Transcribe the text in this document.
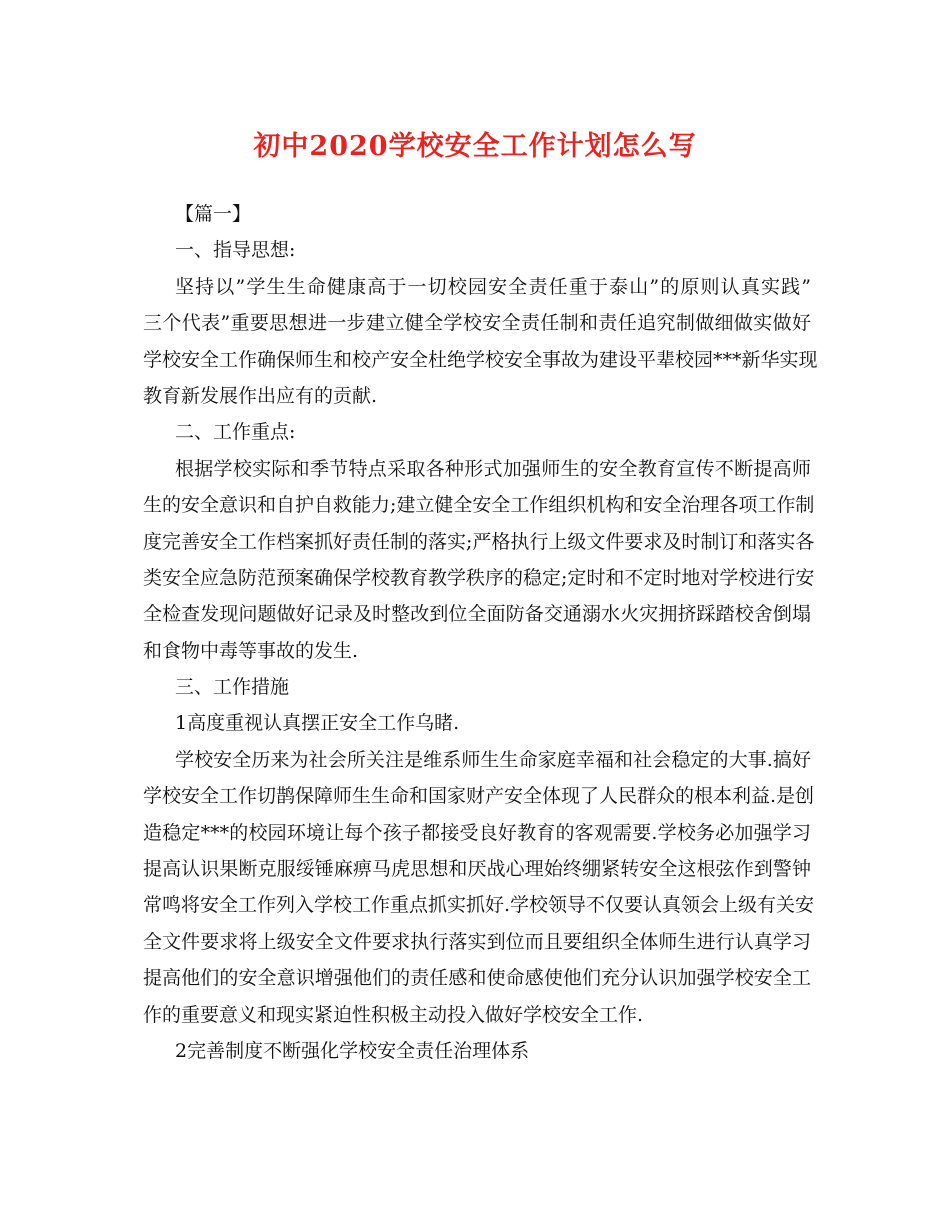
初中2020学校安全工作计划怎么写

【篇一】

一、指导思想:

坚持以”学生生命健康高于一切校园安全责任重于泰山”的原则认真实践”

三个代表”重要思想进一步建立健全学校安全责任制和责任追究制做细做实做好

学校安全工作确保师生和校产安全杜绝学校安全事故为建设平辈校园***新华实现

教育新发展作出应有的贡献.

二、工作重点:

根据学校实际和季节特点采取各种形式加强师生的安全教育宣传不断提高师

生的安全意识和自护自救能力;建立健全安全工作组织机构和安全治理各项工作制

度完善安全工作档案抓好责任制的落实;严格执行上级文件要求及时制订和落实各

类安全应急防范预案确保学校教育教学秩序的稳定;定时和不定时地对学校进行安

全检查发现问题做好记录及时整改到位全面防备交通溺水火灾拥挤踩踏校舍倒塌

和食物中毒等事故的发生.

三、工作措施

1高度重视认真摆正安全工作乌睹.

学校安全历来为社会所关注是维系师生生命家庭幸福和社会稳定的大事.搞好

学校安全工作切鹊保障师生生命和国家财产安全体现了人民群众的根本利益.是创

造稳定***的校园环境让每个孩子都接受良好教育的客观需要.学校务必加强学习

提高认识果断克服绥锤麻痹马虎思想和厌战心理始终绷紧转安全这根弦作到警钟

常鸣将安全工作列入学校工作重点抓实抓好.学校领导不仅要认真领会上级有关安

全文件要求将上级安全文件要求执行落实到位而且要组织全体师生进行认真学习

提高他们的安全意识增强他们的责任感和使命感使他们充分认识加强学校安全工

作的重要意义和现实紧迫性积极主动投入做好学校安全工作.

2完善制度不断强化学校安全责任治理体系
